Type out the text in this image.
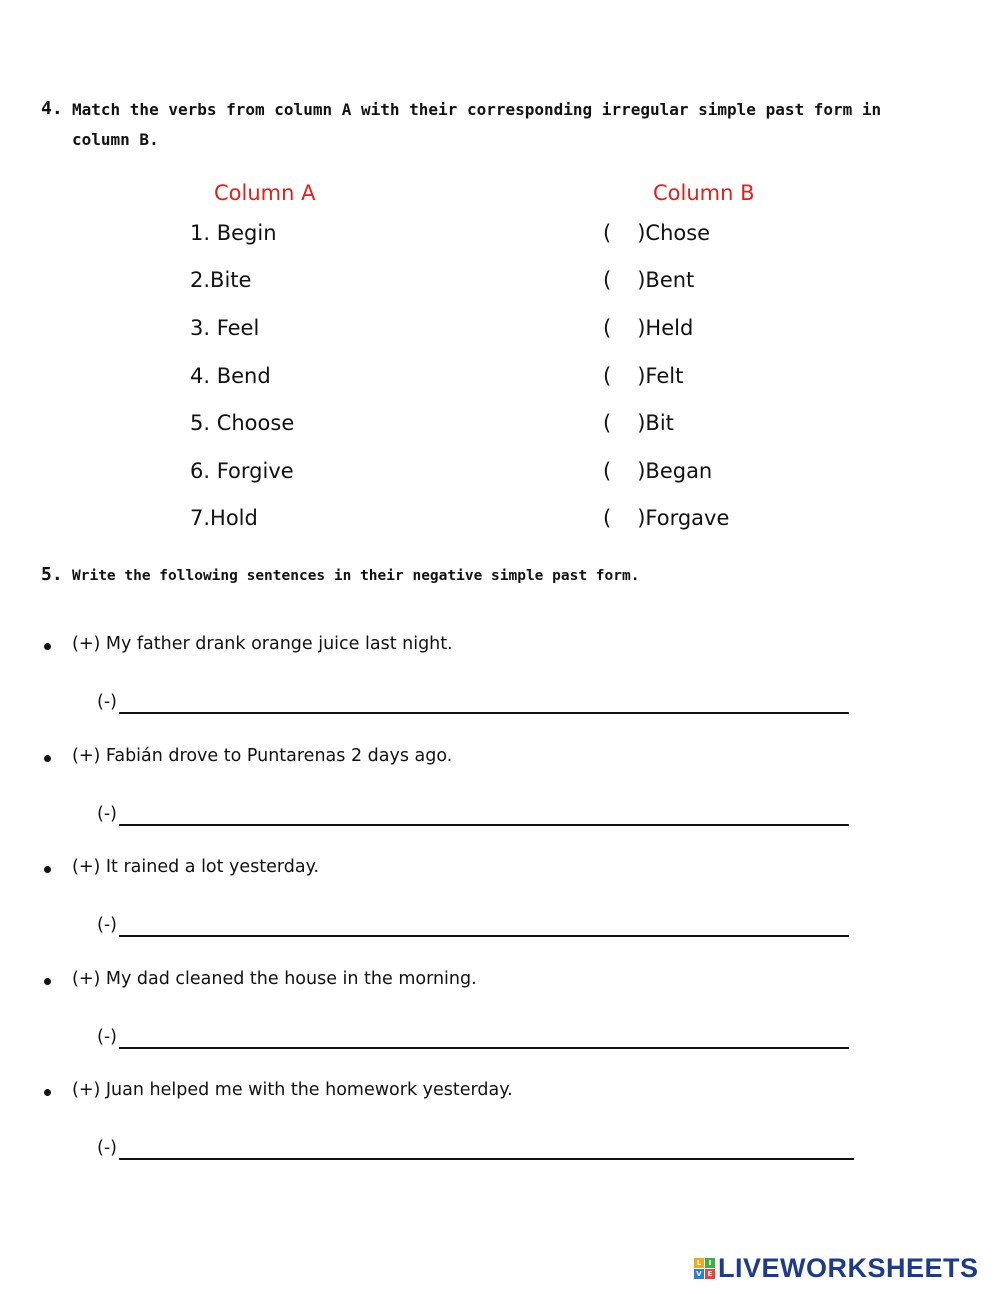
4. Match the verbs from column A with their corresponding irregular simple past form in
column B.
Column A	Column B
1. Begin
2.Bite
3. Feel
4. Bend
5. Choose
6. Forgive
7.Hold
( ) Chose
( ) Bent
( ) Held
( ) Felt
( ) Bit
( ) Began
( ) Forgave
5. Write the following sentences in their negative simple past form.
(+) My father drank orange juice last night.
(-)
(+) Fabián drove to Puntarenas 2 days ago.
(-)
(+) It rained a lot yesterday.
(-)
(+) My dad cleaned the house in the morning.
(-)
(+) Juan helped me with the homework yesterday.
(-)
L	I
V E LIVEWORKSHEETS
